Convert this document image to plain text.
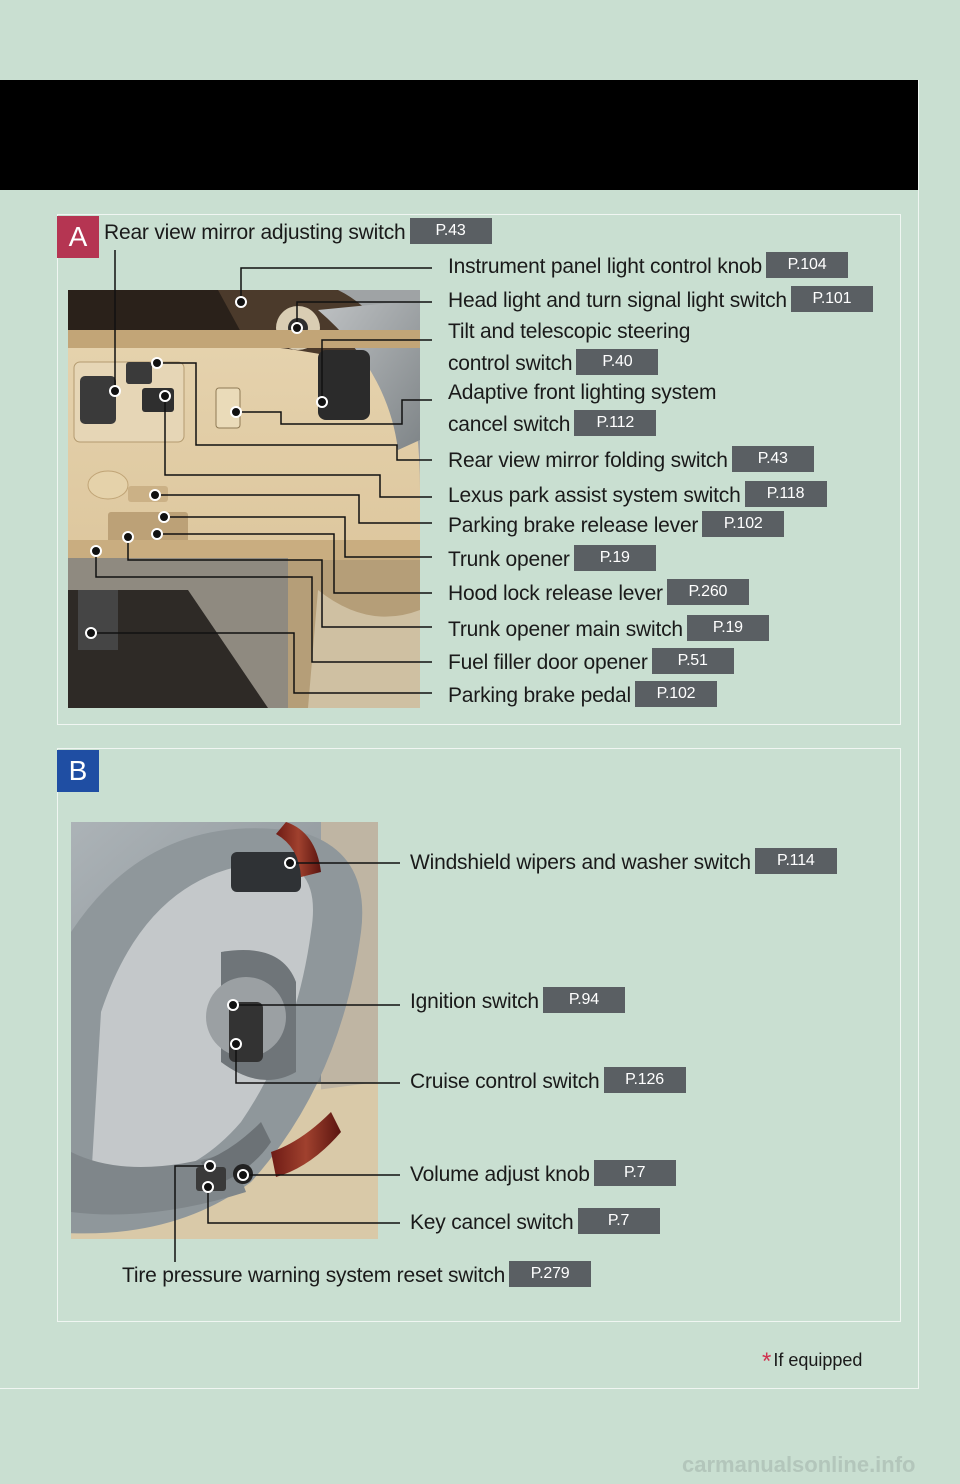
A Rear view mirror adjusting switch P.43
Instrument panel light control knob P.104
Head light and turn signal light switch P.101
Tilt and telescopic steering
control switch P.40
Adaptive front lighting system
cancel switch P.112
Rear view mirror folding switch P.43
Lexus park assist system switch P.118
Parking brake release lever P.102
Trunk opener P.19
Hood lock release lever P.260
Trunk opener main switch P.19
Fuel filler door opener P.51
Parking brake pedal P.102
B
Windshield wipers and washer switch P.114
Ignition switch P.94
Cruise control switch P.126
Volume adjust knob P.7
Key cancel switch P.7
Tire pressure warning system reset switch P.279
* If equipped
carmanualsonline.info
